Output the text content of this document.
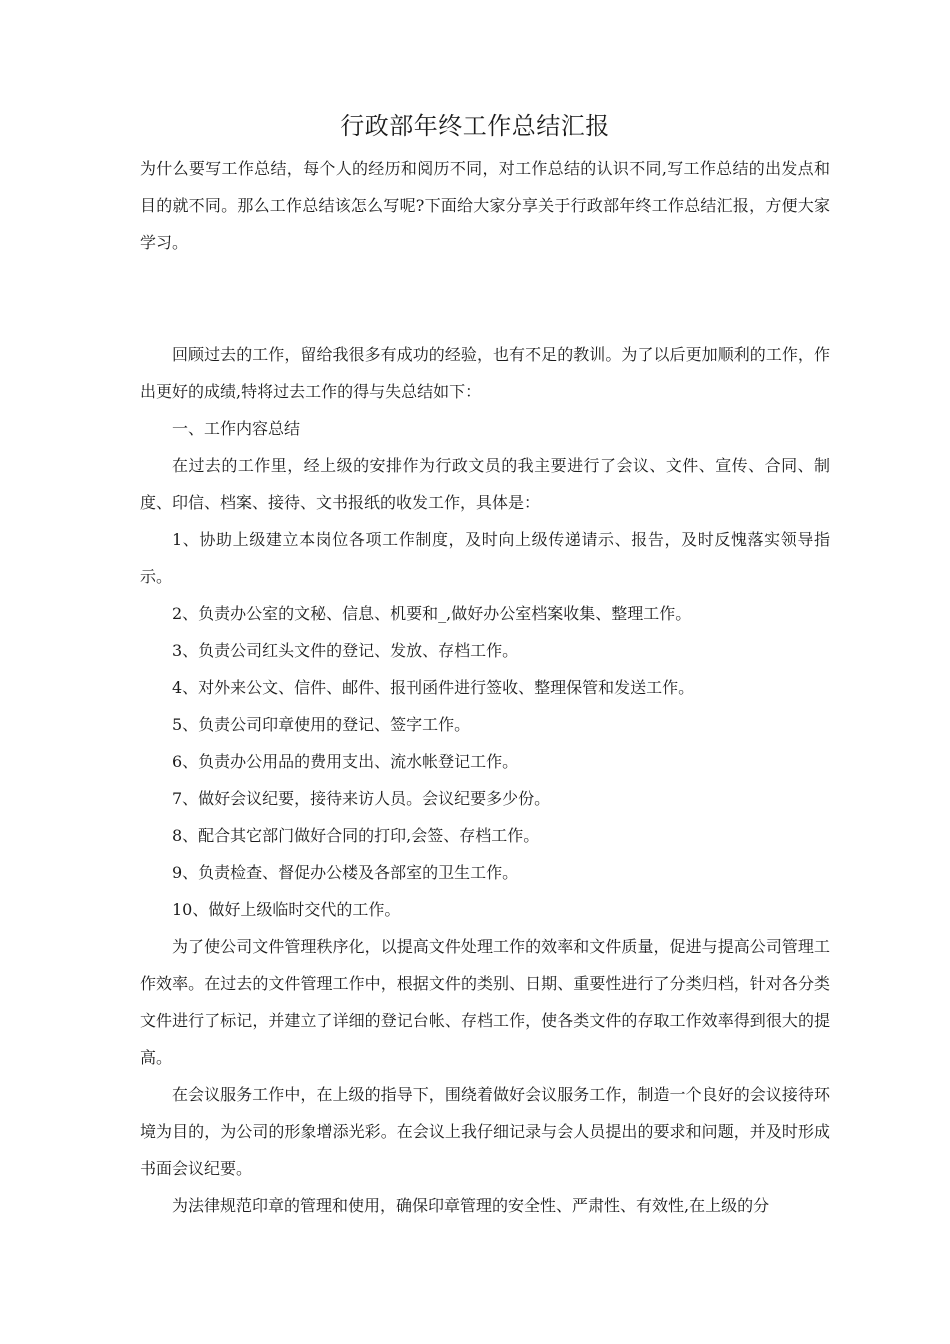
行政部年终工作总结汇报

为什么要写工作总结，每个人的经历和阅历不同，对工作总结的认识不同,写工作总结的出发点和目的就不同。那么工作总结该怎么写呢?下面给大家分享关于行政部年终工作总结汇报，方便大家学习。

回顾过去的工作，留给我很多有成功的经验，也有不足的教训。为了以后更加顺利的工作，作出更好的成绩,特将过去工作的得与失总结如下：

一、工作内容总结

在过去的工作里，经上级的安排作为行政文员的我主要进行了会议、文件、宣传、合同、制度、印信、档案、接待、文书报纸的收发工作，具体是：

1、协助上级建立本岗位各项工作制度，及时向上级传递请示、报告，及时反愧落实领导指示。

2、负责办公室的文秘、信息、机要和_,做好办公室档案收集、整理工作。

3、负责公司红头文件的登记、发放、存档工作。

4、对外来公文、信件、邮件、报刊函件进行签收、整理保管和发送工作。

5、负责公司印章使用的登记、签字工作。

6、负责办公用品的费用支出、流水帐登记工作。

7、做好会议纪要，接待来访人员。会议纪要多少份。

8、配合其它部门做好合同的打印,会签、存档工作。

9、负责检查、督促办公楼及各部室的卫生工作。

10、做好上级临时交代的工作。

为了使公司文件管理秩序化，以提高文件处理工作的效率和文件质量，促进与提高公司管理工作效率。在过去的文件管理工作中，根据文件的类别、日期、重要性进行了分类归档，针对各分类文件进行了标记，并建立了详细的登记台帐、存档工作，使各类文件的存取工作效率得到很大的提高。

在会议服务工作中，在上级的指导下，围绕着做好会议服务工作，制造一个良好的会议接待环境为目的，为公司的形象增添光彩。在会议上我仔细记录与会人员提出的要求和问题，并及时形成书面会议纪要。

为法律规范印章的管理和使用，确保印章管理的安全性、严肃性、有效性,在上级的分
